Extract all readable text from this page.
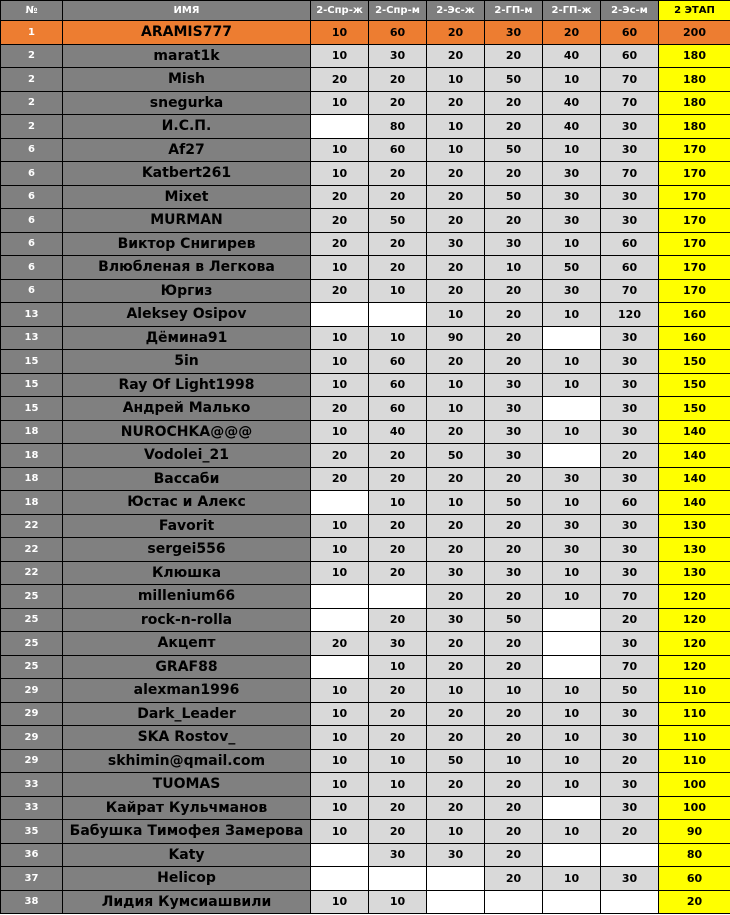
№	ИМЯ	2-Спр-ж	2-Спр-м	2-Эс-ж	2-ГП-м	2-ГП-ж	2-Эс-м	2 ЭТАП
1	ARAMIS777	10	60	20	30	20	60	200
2	marat1k	10	30	20	20	40	60	180
2	Mish	20	20	10	50	10	70	180
2	snegurka	10	20	20	20	40	70	180
2	И.С.П.		80	10	20	40	30	180
6	Af27	10	60	10	50	10	30	170
6	Katbert261	10	20	20	20	30	70	170
6	Mixet	20	20	20	50	30	30	170
6	MURMAN	20	50	20	20	30	30	170
6	Виктор Снигирев	20	20	30	30	10	60	170
6	Влюбленая в Легкова	10	20	20	10	50	60	170
6	Юргиз	20	10	20	20	30	70	170
13	Aleksey Osipov			10	20	10	120	160
13	Дёмина91	10	10	90	20		30	160
15	5in	10	60	20	20	10	30	150
15	Ray Of Light1998	10	60	10	30	10	30	150
15	Андрей Малько	20	60	10	30		30	150
18	NUROCHKA@@@	10	40	20	30	10	30	140
18	Vodolei_21	20	20	50	30		20	140
18	Вассаби	20	20	20	20	30	30	140
18	Юстас и Алекс		10	10	50	10	60	140
22	Favorit	10	20	20	20	30	30	130
22	sergei556	10	20	20	20	30	30	130
22	Клюшка	10	20	30	30	10	30	130
25	millenium66			20	20	10	70	120
25	rock-n-rolla		20	30	50		20	120
25	Акцепт	20	30	20	20		30	120
25	GRAF88		10	20	20		70	120
29	alexman1996	10	20	10	10	10	50	110
29	Dark_Leader	10	20	20	20	10	30	110
29	SKA Rostov_	10	20	20	20	10	30	110
29	skhimin@qmail.com	10	10	50	10	10	20	110
33	TUOMAS	10	10	20	20	10	30	100
33	Кайрат Кульчманов	10	20	20	20		30	100
35	Бабушка Тимофея Замерова	10	20	10	20	10	20	90
36	Katy		30	30	20			80
37	Helicop				20	10	30	60
38	Лидия Кумсиашвили	10	10					20
